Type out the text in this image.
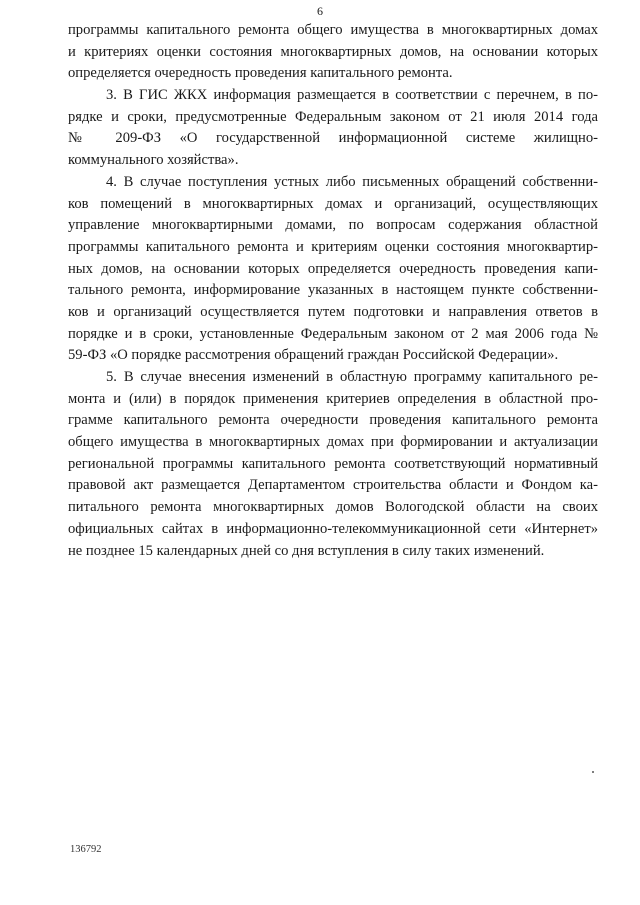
6
программы капитального ремонта общего имущества в многоквартирных домах
и критериях оценки состояния многоквартирных домов, на основании которых
определяется очередность проведения капитального ремонта.
3. В ГИС ЖКХ информация размещается в соответствии с перечнем, в по-
рядке и сроки, предусмотренные Федеральным законом от 21 июля 2014 года
№ 209-ФЗ «О государственной информационной системе жилищно-
коммунального хозяйства».
4. В случае поступления устных либо письменных обращений собственни-
ков помещений в многоквартирных домах и организаций, осуществляющих
управление многоквартирными домами, по вопросам содержания областной
программы капитального ремонта и критериям оценки состояния многоквартир-
ных домов, на основании которых определяется очередность проведения капи-
тального ремонта, информирование указанных в настоящем пункте собственни-
ков и организаций осуществляется путем подготовки и направления ответов в
порядке и в сроки, установленные Федеральным законом от 2 мая 2006 года №
59-ФЗ «О порядке рассмотрения обращений граждан Российской Федерации».
5. В случае внесения изменений в областную программу капитального ре-
монта и (или) в порядок применения критериев определения в областной про-
грамме капитального ремонта очередности проведения капитального ремонта
общего имущества в многоквартирных домах при формировании и актуализации
региональной программы капитального ремонта соответствующий нормативный
правовой акт размещается Департаментом строительства области и Фондом ка-
питального ремонта многоквартирных домов Вологодской области на своих
официальных сайтах в информационно-телекоммуникационной сети «Интернет»
не позднее 15 календарных дней со дня вступления в силу таких изменений.
136792
